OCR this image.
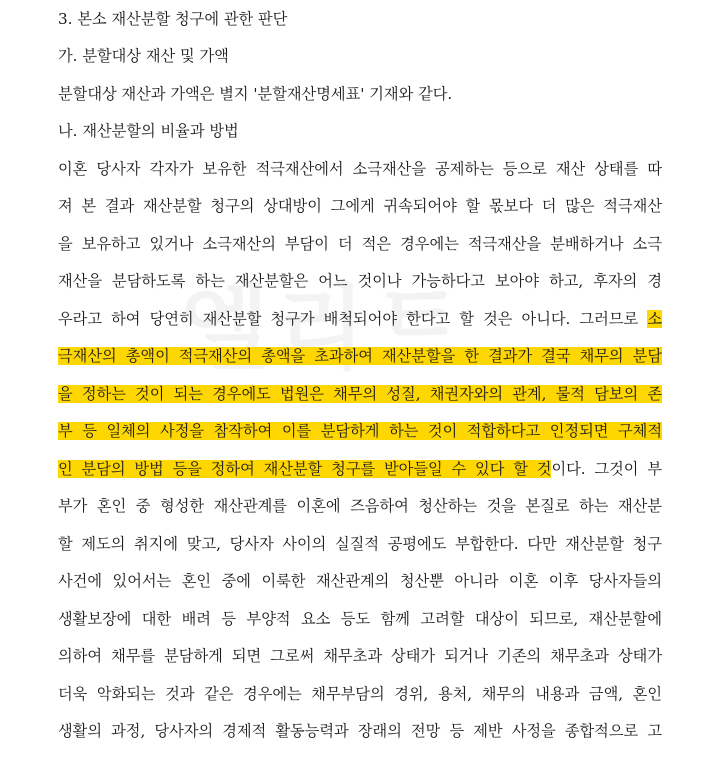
3. 본소 재산분할 청구에 관한 판단
가. 분할대상 재산 및 가액
분할대상 재산과 가액은 별지 '분할재산명세표' 기재와 같다.
나. 재산분할의 비율과 방법
이혼 당사자 각자가 보유한 적극재산에서 소극재산을 공제하는 등으로 재산 상태를 따
져 본 결과 재산분할 청구의 상대방이 그에게 귀속되어야 할 몫보다 더 많은 적극재산
을 보유하고 있거나 소극재산의 부담이 더 적은 경우에는 적극재산을 분배하거나 소극
재산을 분담하도록 하는 재산분할은 어느 것이나 가능하다고 보아야 하고, 후자의 경
우라고 하여 당연히 재산분할 청구가 배척되어야 한다고 할 것은 아니다. 그러므로 소
극재산의 총액이 적극재산의 총액을 초과하여 재산분할을 한 결과가 결국 채무의 분담
을 정하는 것이 되는 경우에도 법원은 채무의 성질, 채권자와의 관계, 물적 담보의 존
부 등 일체의 사정을 참작하여 이를 분담하게 하는 것이 적합하다고 인정되면 구체적
인 분담의 방법 등을 정하여 재산분할 청구를 받아들일 수 있다 할 것이다. 그것이 부
부가 혼인 중 형성한 재산관계를 이혼에 즈음하여 청산하는 것을 본질로 하는 재산분
할 제도의 취지에 맞고, 당사자 사이의 실질적 공평에도 부합한다. 다만 재산분할 청구
사건에 있어서는 혼인 중에 이룩한 재산관계의 청산뿐 아니라 이혼 이후 당사자들의
생활보장에 대한 배려 등 부양적 요소 등도 함께 고려할 대상이 되므로, 재산분할에
의하여 채무를 분담하게 되면 그로써 채무초과 상태가 되거나 기존의 채무초과 상태가
더욱 악화되는 것과 같은 경우에는 채무부담의 경위, 용처, 채무의 내용과 금액, 혼인
생활의 과정, 당사자의 경제적 활동능력과 장래의 전망 등 제반 사정을 종합적으로 고
